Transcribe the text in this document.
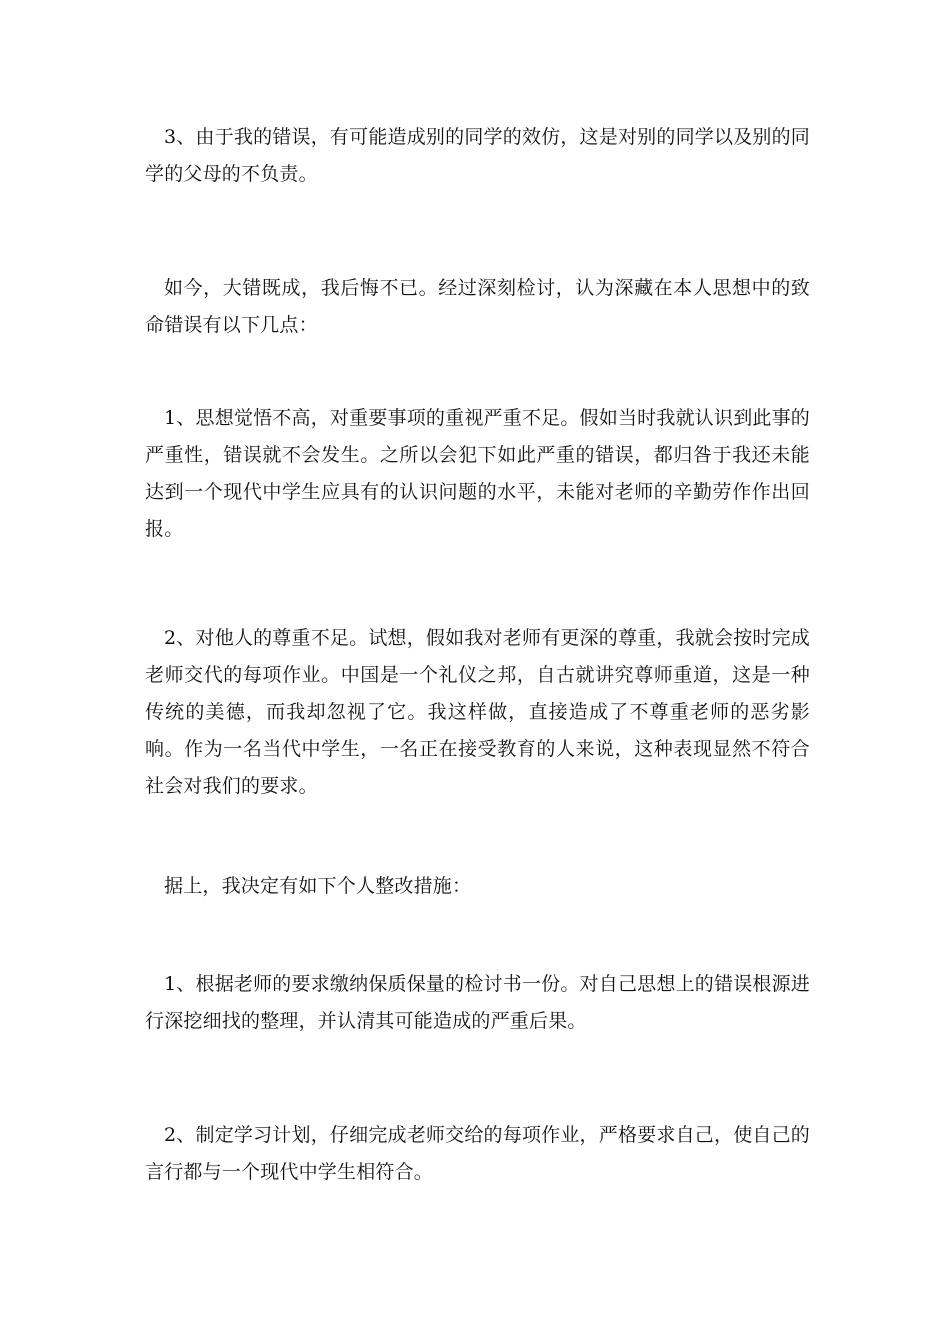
3、由于我的错误，有可能造成别的同学的效仿，这是对别的同学以及别的同学的父母的不负责。

如今，大错既成，我后悔不已。经过深刻检讨，认为深藏在本人思想中的致命错误有以下几点：

1、思想觉悟不高，对重要事项的重视严重不足。假如当时我就认识到此事的严重性，错误就不会发生。之所以会犯下如此严重的错误，都归咎于我还未能达到一个现代中学生应具有的认识问题的水平，未能对老师的辛勤劳作作出回报。

2、对他人的尊重不足。试想，假如我对老师有更深的尊重，我就会按时完成老师交代的每项作业。中国是一个礼仪之邦，自古就讲究尊师重道，这是一种传统的美德，而我却忽视了它。我这样做，直接造成了不尊重老师的恶劣影响。作为一名当代中学生，一名正在接受教育的人来说，这种表现显然不符合社会对我们的要求。

据上，我决定有如下个人整改措施：

1、根据老师的要求缴纳保质保量的检讨书一份。对自己思想上的错误根源进行深挖细找的整理，并认清其可能造成的严重后果。

2、制定学习计划，仔细完成老师交给的每项作业，严格要求自己，使自己的言行都与一个现代中学生相符合。
